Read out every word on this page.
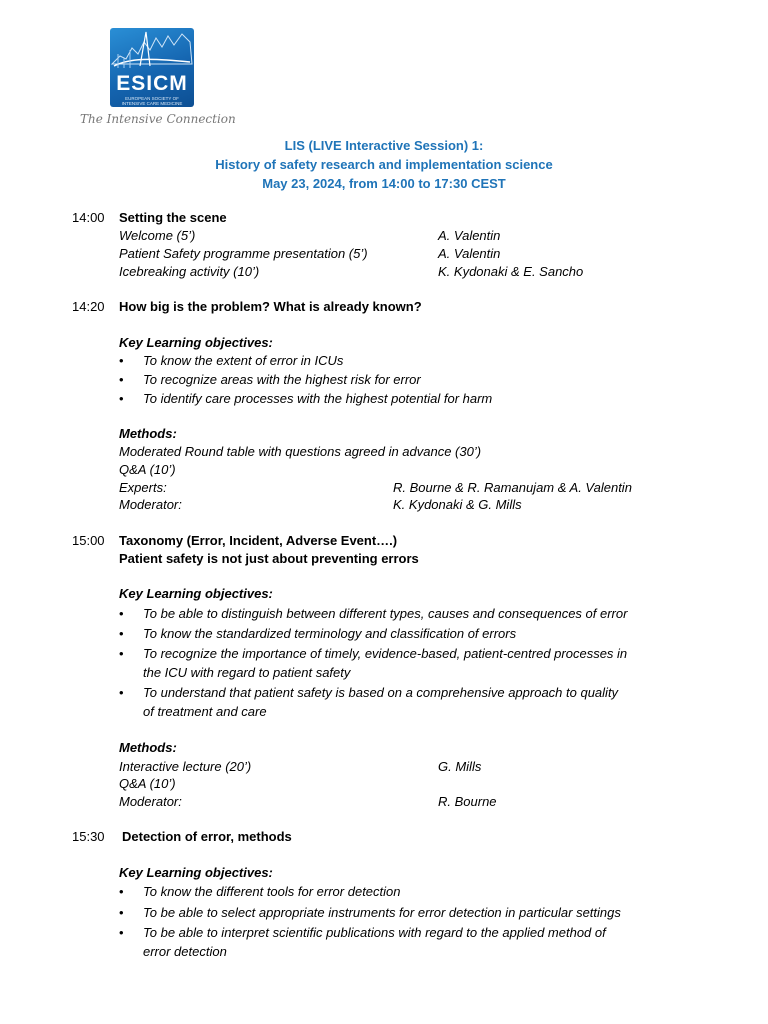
ESICM
EUROPEAN SOCIETY OF INTENSIVE CARE MEDICINE
The Intensive Connection
LIS (LIVE Interactive Session) 1:
History of safety research and implementation science
May 23, 2024, from 14:00 to 17:30 CEST
14:00 Setting the scene
Welcome (5’)	A. Valentin
Patient Safety programme presentation (5’)	A. Valentin
Icebreaking activity (10’)	K. Kydonaki & E. Sancho
14:20 How big is the problem? What is already known?
Key Learning objectives:
• To know the extent of error in ICUs
• To recognize areas with the highest risk for error
• To identify care processes with the highest potential for harm
Methods:
Moderated Round table with questions agreed in advance (30’)
Q&A (10’)
Experts:	R. Bourne & R. Ramanujam & A. Valentin
Moderator:	K. Kydonaki & G. Mills
15:00 Taxonomy (Error, Incident, Adverse Event….)
Patient safety is not just about preventing errors
Key Learning objectives:
• To be able to distinguish between different types, causes and consequences of error
• To know the standardized terminology and classification of errors
• To recognize the importance of timely, evidence-based, patient-centred processes in
the ICU with regard to patient safety
• To understand that patient safety is based on a comprehensive approach to quality
of treatment and care
Methods:
Interactive lecture (20’)	G. Mills
Q&A (10’)
Moderator:	R. Bourne
15:30 Detection of error, methods
Key Learning objectives:
• To know the different tools for error detection
• To be able to select appropriate instruments for error detection in particular settings
• To be able to interpret scientific publications with regard to the applied method of
error detection
